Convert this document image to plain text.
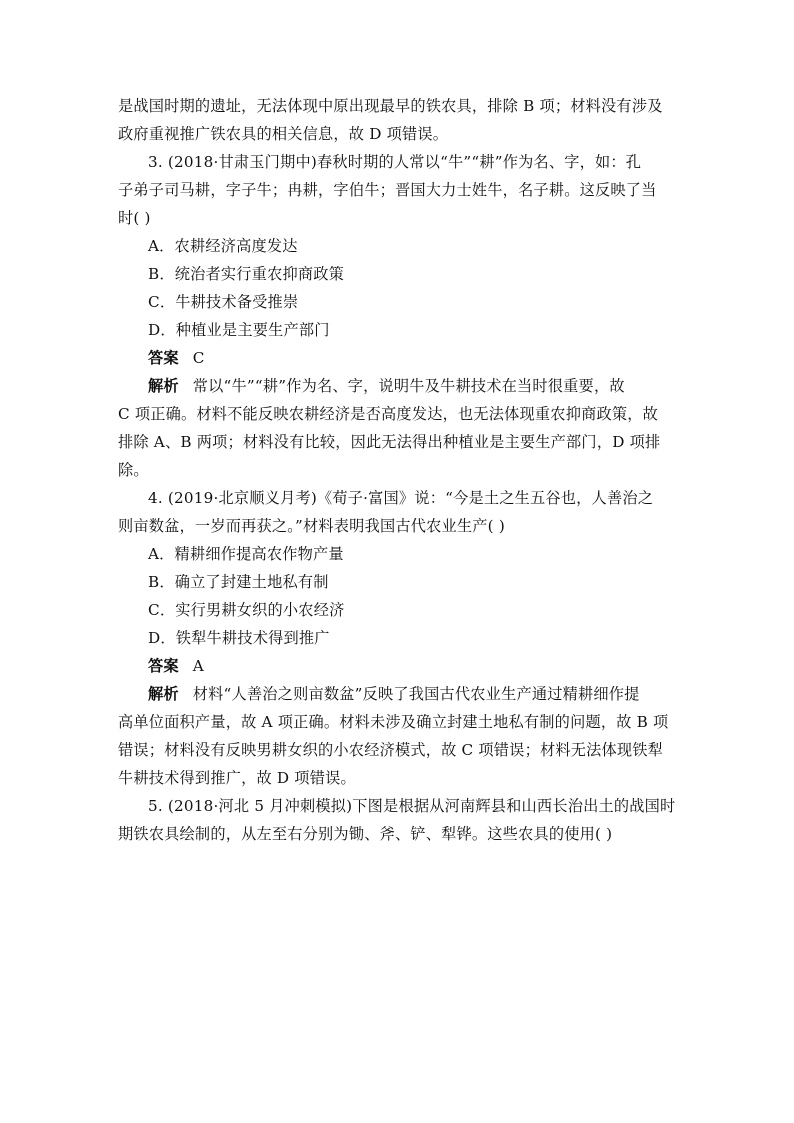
是战国时期的遗址，无法体现中原出现最早的铁农具，排除 B 项；材料没有涉及
政府重视推广铁农具的相关信息，故 D 项错误。
3. (2018·甘肃玉门期中)春秋时期的人常以“牛”“耕”作为名、字，如：孔
子弟子司马耕，字子牛；冉耕，字伯牛；晋国大力士姓牛，名子耕。这反映了当
时( )
A．农耕经济高度发达
B．统治者实行重农抑商政策
C．牛耕技术备受推崇
D．种植业是主要生产部门
答案 C
解析 常以“牛”“耕”作为名、字，说明牛及牛耕技术在当时很重要，故
C 项正确。材料不能反映农耕经济是否高度发达，也无法体现重农抑商政策，故
排除 A、B 两项；材料没有比较，因此无法得出种植业是主要生产部门，D 项排
除。
4. (2019·北京顺义月考)《荀子·富国》说：“今是土之生五谷也，人善治之
则亩数盆，一岁而再获之。”材料表明我国古代农业生产( )
A．精耕细作提高农作物产量
B．确立了封建土地私有制
C．实行男耕女织的小农经济
D．铁犁牛耕技术得到推广
答案 A
解析 材料“人善治之则亩数盆”反映了我国古代农业生产通过精耕细作提
高单位面积产量，故 A 项正确。材料未涉及确立封建土地私有制的问题，故 B 项
错误；材料没有反映男耕女织的小农经济模式，故 C 项错误；材料无法体现铁犁
牛耕技术得到推广，故 D 项错误。
5. (2018·河北 5 月冲刺模拟)下图是根据从河南辉县和山西长治出土的战国时
期铁农具绘制的，从左至右分别为锄、斧、铲、犁铧。这些农具的使用( )
